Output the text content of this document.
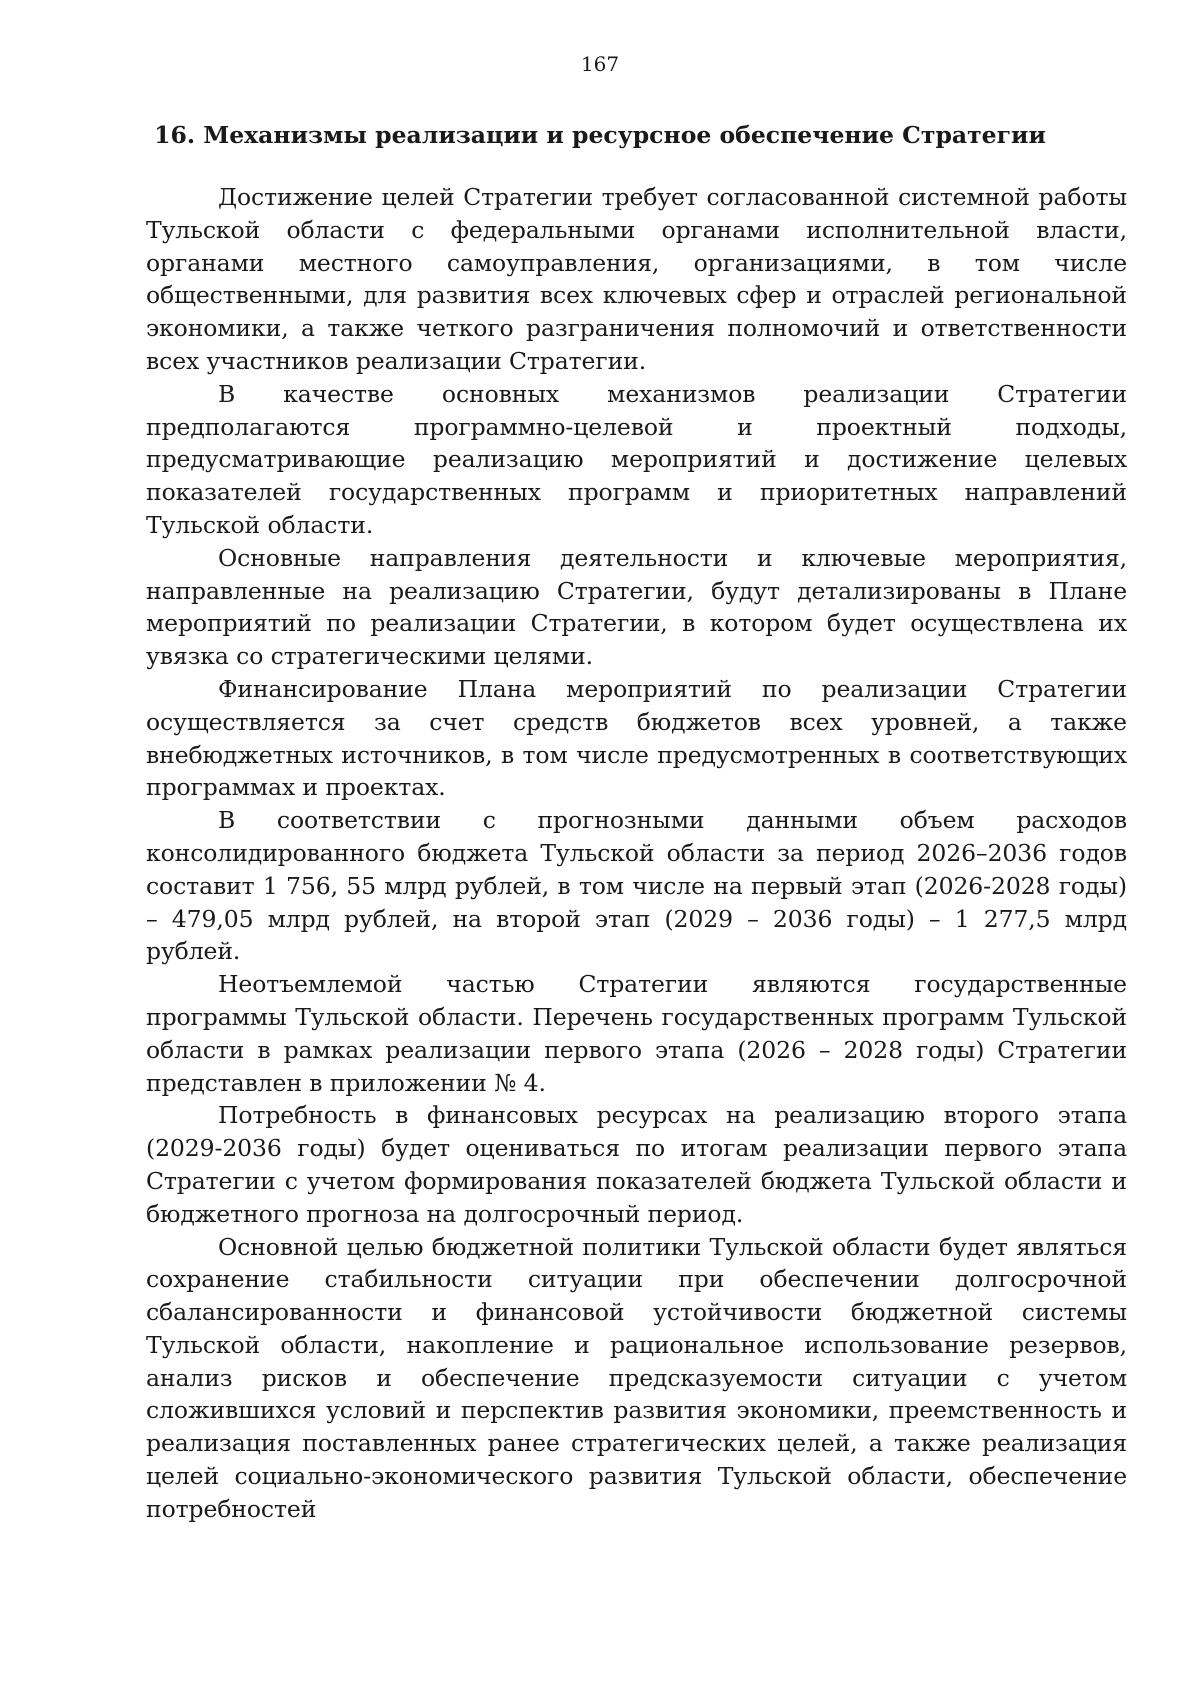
167
16. Механизмы реализации и ресурсное обеспечение Стратегии

Достижение целей Стратегии требует согласованной системной работы Тульской области с федеральными органами исполнительной власти, органами местного самоуправления, организациями, в том числе общественными, для развития всех ключевых сфер и отраслей региональной экономики, а также четкого разграничения полномочий и ответственности всех участников реализации Стратегии.

В качестве основных механизмов реализации Стратегии предполагаются программно-целевой и проектный подходы, предусматривающие реализацию мероприятий и достижение целевых показателей государственных программ и приоритетных направлений Тульской области.

Основные направления деятельности и ключевые мероприятия, направленные на реализацию Стратегии, будут детализированы в Плане мероприятий по реализации Стратегии, в котором будет осуществлена их увязка со стратегическими целями.

Финансирование Плана мероприятий по реализации Стратегии осуществляется за счет средств бюджетов всех уровней, а также внебюджетных источников, в том числе предусмотренных в соответствующих программах и проектах.

В соответствии с прогнозными данными объем расходов консолидированного бюджета Тульской области за период 2026–2036 годов составит 1 756, 55 млрд рублей, в том числе на первый этап (2026-2028 годы) – 479,05 млрд рублей, на второй этап (2029 – 2036 годы) – 1 277,5 млрд рублей.

Неотъемлемой частью Стратегии являются государственные программы Тульской области. Перечень государственных программ Тульской области в рамках реализации первого этапа (2026 – 2028 годы) Стратегии представлен в приложении № 4.

Потребность в финансовых ресурсах на реализацию второго этапа (2029-2036 годы) будет оцениваться по итогам реализации первого этапа Стратегии с учетом формирования показателей бюджета Тульской области и бюджетного прогноза на долгосрочный период.

Основной целью бюджетной политики Тульской области будет являться сохранение стабильности ситуации при обеспечении долгосрочной сбалансированности и финансовой устойчивости бюджетной системы Тульской области, накопление и рациональное использование резервов, анализ рисков и обеспечение предсказуемости ситуации с учетом сложившихся условий и перспектив развития экономики, преемственность и реализация поставленных ранее стратегических целей, а также реализация целей социально-экономического развития Тульской области, обеспечение потребностей
